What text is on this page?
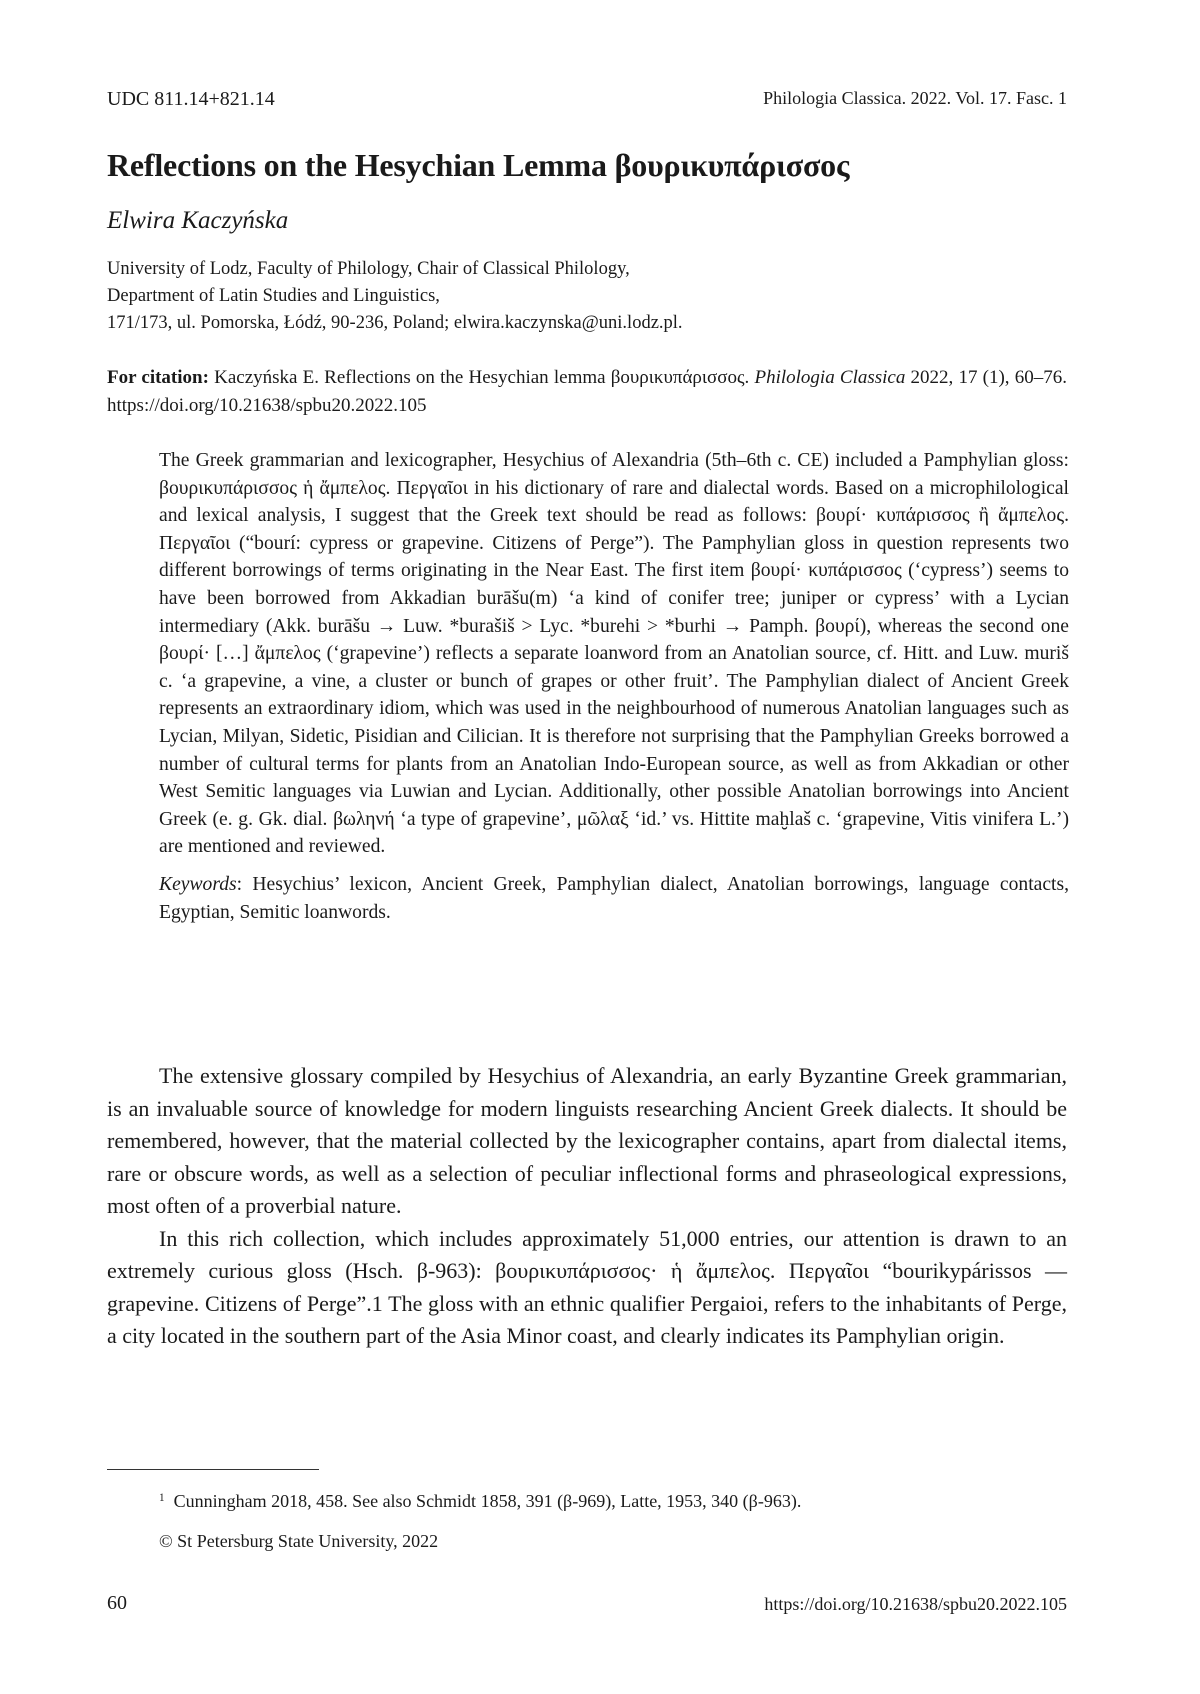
UDC 811.14+821.14	Philologia Classica. 2022. Vol. 17. Fasc. 1
Reflections on the Hesychian Lemma βουρικυπάρισσος
Elwira Kaczyńska
University of Lodz, Faculty of Philology, Chair of Classical Philology,
Department of Latin Studies and Linguistics,
171/173, ul. Pomorska, Łódź, 90-236, Poland; elwira.kaczynska@uni.lodz.pl.
For citation: Kaczyńska E. Reflections on the Hesychian lemma βουρικυπάρισσος. Philologia Classica 2022, 17 (1), 60–76. https://doi.org/10.21638/spbu20.2022.105

The Greek grammarian and lexicographer, Hesychius of Alexandria (5th–6th c. CE) included a Pamphylian gloss: βουρικυπάρισσος ἡ ἄμπελος. Περγαῖοι in his dictionary of rare and dialectal words. Based on a microphilological and lexical analysis, I suggest that the Greek text should be read as follows: βουρί· κυπάρισσος ἢ ἄμπελος. Περγαῖοι (“bourí: cypress or grapevine. Citizens of Perge”). The Pamphylian gloss in question represents two different borrowings of terms originating in the Near East. The first item βουρί· κυπάρισσος (‘cypress’) seems to have been borrowed from Akkadian burāšu(m) ‘a kind of conifer tree; juniper or cypress’ with a Lycian intermediary (Akk. burāšu → Luw. *burašiš > Lyc. *burehi > *burhi → Pamph. βουρί), whereas the second one βουρί· […] ἄμπελος (‘grapevine’) reflects a separate loanword from an Anatolian source, cf. Hitt. and Luw. muriš c. ‘a grapevine, a vine, a cluster or bunch of grapes or other fruit’. The Pamphylian dialect of Ancient Greek represents an extraordinary idiom, which was used in the neighbourhood of numerous Anatolian languages such as Lycian, Milyan, Sidetic, Pisidian and Cilician. It is therefore not surprising that the Pamphylian Greeks borrowed a number of cultural terms for plants from an Anatolian Indo-European source, as well as from Akkadian or other West Semitic languages via Luwian and Lycian. Additionally, other possible Anatolian borrowings into Ancient Greek (e. g. Gk. dial. βωληνή ‘a type of grapevine’, μῶλαξ ‘id.’ vs. Hittite maḫlaš c. ‘grapevine, Vitis vinifera L.’) are mentioned and reviewed.

Keywords: Hesychius’ lexicon, Ancient Greek, Pamphylian dialect, Anatolian borrowings, language contacts, Egyptian, Semitic loanwords.

The extensive glossary compiled by Hesychius of Alexandria, an early Byzantine Greek grammarian, is an invaluable source of knowledge for modern linguists researching Ancient Greek dialects. It should be remembered, however, that the material collected by the lexicographer contains, apart from dialectal items, rare or obscure words, as well as a selection of peculiar inflectional forms and phraseological expressions, most often of a proverbial nature.

In this rich collection, which includes approximately 51,000 entries, our attention is drawn to an extremely curious gloss (Hsch. β-963): βουρικυπάρισσος· ἡ ἄμπελος. Περγαῖοι “bourikypárissos — grapevine. Citizens of Perge”.1 The gloss with an ethnic qualifier Pergaioi, refers to the inhabitants of Perge, a city located in the southern part of the Asia Minor coast, and clearly indicates its Pamphylian origin.

$^1$ Cunningham 2018, 458. See also Schmidt 1858, 391 (β-969), Latte, 1953, 340 (β-963).
© St Petersburg State University, 2022
60	https://doi.org/10.21638/spbu20.2022.105
